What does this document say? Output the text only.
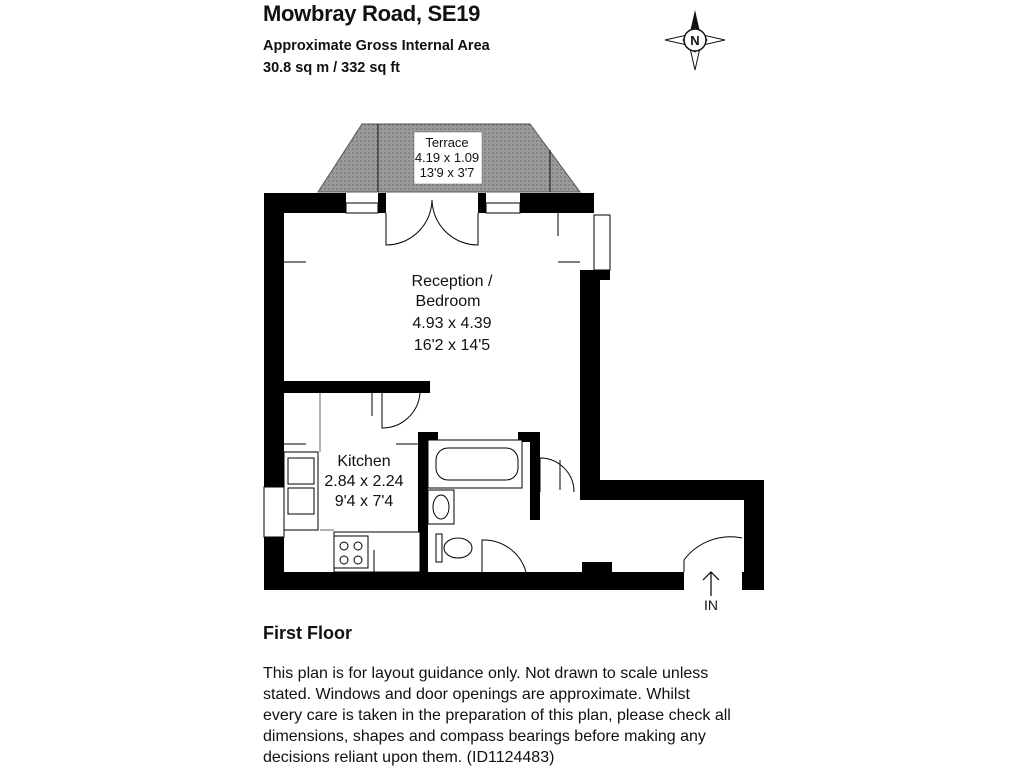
Mowbray Road, SE19
Approximate Gross Internal Area
30.8 sq m / 332 sq ft
N
Terrace
4.19 x 1.09
13'9 x 3'7
Reception /
Bedroom
4.93 x 4.39
16'2 x 14'5
Kitchen
2.84 x 2.24
9'4 x 7'4
IN
First Floor
This plan is for layout guidance only. Not drawn to scale unless stated. Windows and door openings are approximate. Whilst every care is taken in the preparation of this plan, please check all dimensions, shapes and compass bearings before making any decisions reliant upon them. (ID1124483)
